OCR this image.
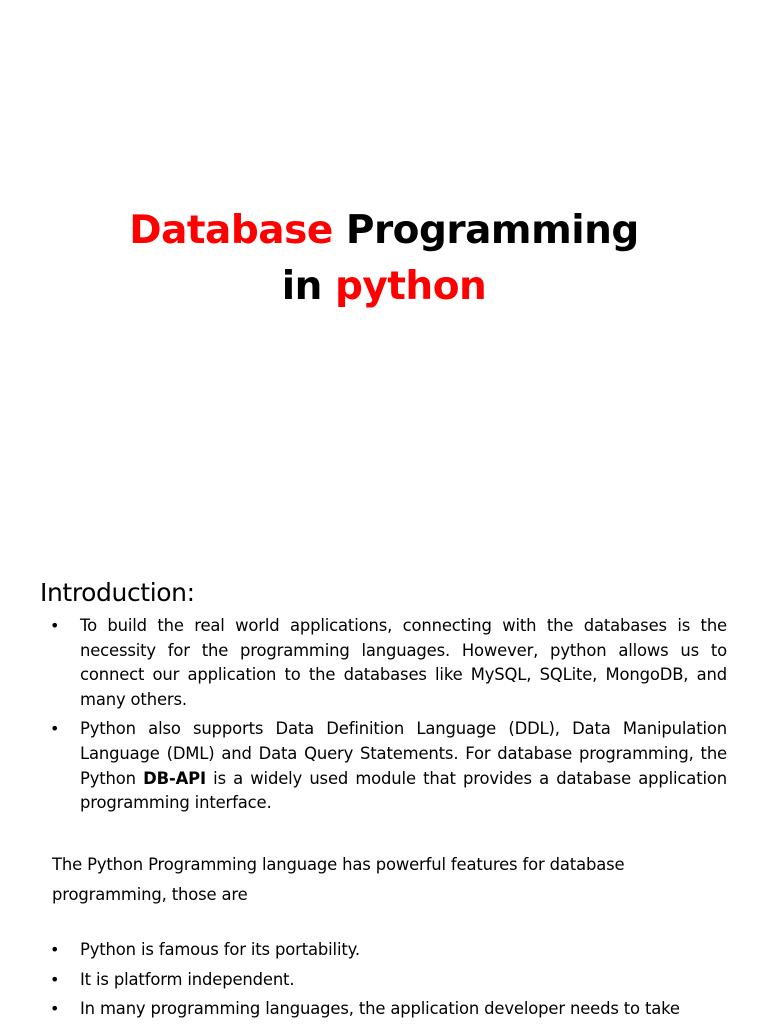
Database Programming
in python
Introduction:
• To build the real world applications, connecting with the databases is the necessity for the programming languages. However, python allows us to connect our application to the databases like MySQL, SQLite, MongoDB, and many others.
• Python also supports Data Definition Language (DDL), Data Manipulation Language (DML) and Data Query Statements. For database programming, the Python DB-API is a widely used module that provides a database application programming interface.

The Python Programming language has powerful features for database programming, those are

• Python is famous for its portability.
• It is platform independent.
• In many programming languages, the application developer needs to take
